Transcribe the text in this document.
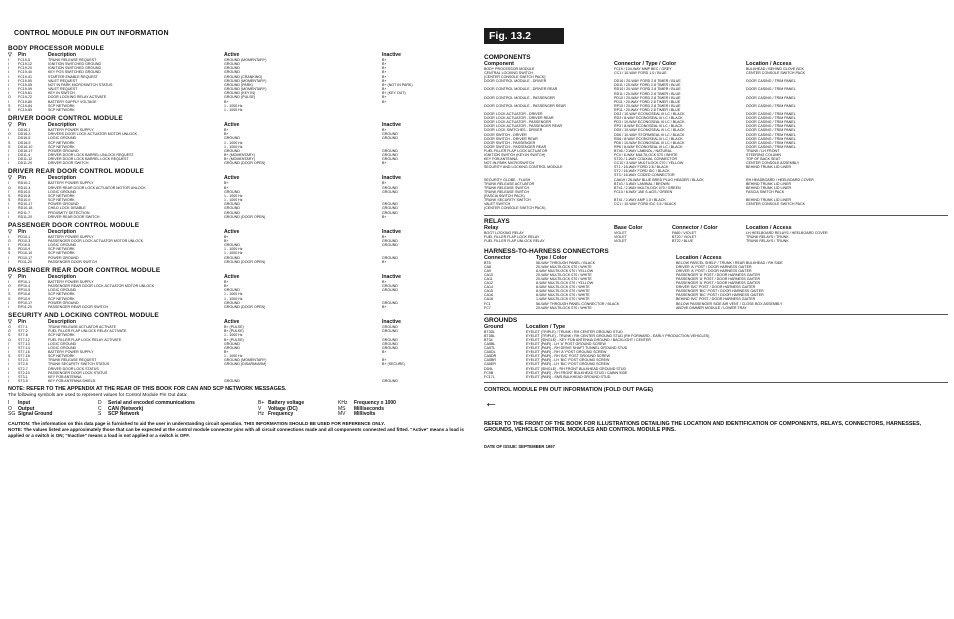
CONTROL MODULE PIN OUT INFORMATION	Fig. 13.2
BODY PROCESSOR MODULE
▽	Pin	Description	Active	Inactive
I	FC19-5	TRUNK RELEASE REQUEST	GROUND (MOMENTARY)	B+
I	FC19-12	IGNITION SWITCHED GROUND	GROUND	B+
I	FC19-20	IGNITION SWITCHED GROUND	GROUND	B+
I	FC19-40	KEY POS SWITCHED GROUND	GROUND	B+
I	FC19-41	STARTER ENABLE REQUEST	GROUND (CRANKING)	B+
I	FC19-50	VALET REQUEST	GROUND (MOMENTARY)	B+
I	FC19-55	NOT IN PARK MICROSWITCH STATUS	GROUND (PARK)	B+ (NOT IN PARK)
I	FC19-59	VALET REQUEST	GROUND (MOMENTARY)	B+
I	FC19-61	KEY IN SWITCH	GROUND (KEY IN)	B+ (KEY OUT)
O	FC19-72	DOOR LOCKING RELAY ACTIVATE	GROUND (PULSE)	B+
I	FC19-80	BATTERY SUPPLY VOLTAGE	B+	B+
S	FC19-84	SCP NETWORK	1 - 1000 Hz	
S	FC19-85	SCP NETWORK	1 - 1000 Hz	
DRIVER DOOR CONTROL MODULE
▽	Pin	Description	Active	Inactive
I	DD16-1	BATTERY POWER SUPPLY	B+	B+
O	DD16-3	DRIVERS DOOR LOCK ACTUATOR MOTOR UNLOCK	B+	GROUND
I	DD16-5	LOGIC GROUND	GROUND	GROUND
S	DD16-9	SCP NETWORK	1 - 1000 Hz	
S	DD16-10	SCP NETWORK	1 - 1000 Hz	
I	DD16-17	POWER GROUND	GROUND	GROUND

I	DD11-4	DRIVER DOOR LOCK BARREL UNLOCK REQUEST	B+ (MOMENTARY)	GROUND
I	DD11-12	DRIVER DOOR LOCK BARREL LOCK REQUEST	B+ (MOMENTARY)	GROUND
I	DD11-20	DRIVER DOOR SWITCH	GROUND (DOOR OPEN)	B+
DRIVER REAR DOOR CONTROL MODULE
▽	Pin	Description	Active	Inactive
I	RD10-1	BATTERY POWER SUPPLY	B+	B+
O	RD10-4	DRIVER REAR DOOR LOCK ACTUATOR MOTOR UNLOCK	B+	GROUND
I	RD10-5	LOGIC GROUND	GROUND	GROUND
S	RD10-8	SCP NETWORK	1 - 1000 Hz	
S	RD10-9	SCP NETWORK	1 - 1000 Hz	
I	RD10-17	POWER GROUND	GROUND	GROUND
I	RD10-18	CHILD LOCK DISABLE	GROUND	GROUND

I	RD11-7	PROXIMITY DETECTION	GROUND	GROUND
I	RD11-20	DRIVER REAR DOOR SWITCH	GROUND (DOOR OPEN)	B+
PASSENGER DOOR CONTROL MODULE
▽	Pin	Description	Active	Inactive
I	PD10-1	BATTERY POWER SUPPLY	B+	B+
O	PD10-3	PASSENGER DOOR LOCK ACTUATOR MOTOR UNLOCK	B+	GROUND
I	PD10-5	LOGIC GROUND	GROUND	GROUND
S	PD10-9	SCP NETWORK	1 - 1000 Hz	
S	PD10-10	SCP NETWORK	1 - 1000 Hz	
I	PD10-17	POWER GROUND	GROUND	GROUND

I	PD11-20	PASSENGER DOOR SWITCH	GROUND (DOOR OPEN)	B+
PASSENGER REAR DOOR CONTROL MODULE
▽	Pin	Description	Active	Inactive
I	RP10-1	BATTERY POWER SUPPLY	B+	B+
O	RP10-4	PASSENGER REAR DOOR LOCK ACTUATOR MOTOR UNLOCK	B+	GROUND
I	RP10-5	LOGIC GROUND	GROUND	GROUND
S	RP10-8	SCP NETWORK	1 - 1000 Hz	
S	RP10-9	SCP NETWORK	1 - 1000 Hz	
I	RP10-17	POWER GROUND	GROUND	GROUND

I	RP11-20	PASSENGER REAR DOOR SWITCH	GROUND (DOOR OPEN)	B+
SECURITY AND LOCKING CONTROL MODULE
▽	Pin	Description	Active	Inactive
O	ST7-1	TRUNK RELEASE ACTUATOR ACTIVATE	B+ (PULSE)	GROUND
O	ST7-2	FUEL FILLER FLAP UNLOCK RELAY ACTIVATE	B+ (PULSE)	GROUND
S	ST7-8	SCP NETWORK	1 - 1000 Hz	
O	ST7-12	FUEL FILLER FLAP LOCK RELAY ACTIVATE	B+ (PULSE)	GROUND
I	ST7-13	LOGIC GROUND	GROUND	GROUND
I	ST7-14	LOGIC GROUND	GROUND	GROUND
I	ST7-16	BATTERY POWER SUPPLY	B+	B+
S	ST7-18	SCP NETWORK	1 - 1000 Hz	

I	ST2-3	TRUNK RELEASE REQUEST	GROUND (MOMENTARY)	B+
I	ST2-5	TRUNK SECURITY SWITCH STATUS	GROUND (DISARM/ARM)	B+ (SECURE)
I	ST2-7	DRIVER DOOR LOCK STATUS		
I	ST2-10	PASSENGER DOOR LOCK STATUS		

I	ST3-1	KEY FOB ANTENNA		
I	ST3-5	KEY FOB ANTENNA SHIELD	GROUND	GROUND
NOTE: REFER TO THE APPENDIX AT THE REAR OF THIS BOOK FOR CAN AND SCP NETWORK MESSAGES.
The following symbols are used to represent values for Control Module Pin Out data:
I	Input	D	Serial and encoded communications	B+ Battery voltage	KHz	Frequency x 1000
O	Output	C	CAN (Network)	V	Voltage (DC)	MS	Milliseconds
SG Signal Ground	S	SCP Network	Hz Frequency	MV	Millivolts
CAUTION: The information on this data page is furnished to aid the user in understanding circuit operation. THIS INFORMATION SHOULD BE USED FOR REFERENCE ONLY.
NOTE: The values listed are approximately those that can be expected at the control module connector pins with all circuit connections made and all components connected and fitted. "Active" means a load is applied or a switch is ON; "Inactive" means a load is not applied or a switch is OFF.
COMPONENTS
Component	Connector / Type / Color	Location / Access
BODY PROCESSOR MODULE	FC19 / 104-WAY MMP BEC / GREY	BULKHEAD / BEHIND GLOVE BOX
CENTRAL LOCKING SWITCH	CC1 / 10-WAY FORD 1.0 / BLUE	CENTER CONSOLE SWITCH PACK
(CENTER CONSOLE SWITCH PACK)		
DOOR CONTROL MODULE - DRIVER	DD16 / 20-WAY FORD 2.8 TIMER / BLUE	DOOR CASING / TRIM PANEL
	DD11 / 20-WAY FORD 2.8 TIMER / BLUE	
DOOR CONTROL MODULE - DRIVER REAR	RD10 / 20-WAY FORD 2.8 TIMER / BLUE	DOOR CASING / TRIM PANEL
	RD11 / 20-WAY FORD 2.8 TIMER / BLUE	
DOOR CONTROL MODULE - PASSENGER	PD10 / 20-WAY FORD 2.8 TIMER / BLUE	DOOR CASING / TRIM PANEL
	PD11 / 20-WAY FORD 2.8 TIMER / BLUE	
DOOR CONTROL MODULE - PASSENGER REAR	RP10 / 20-WAY FORD 2.8 TIMER / BLUE	DOOR CASING / TRIM PANEL
	RP11 / 20-WAY FORD 2.8 TIMER / BLUE	
DOOR LOCK ACTUATOR - DRIVER	DD3 / 10-WAY ECONOSEAL III LC / BLACK	DOOR CASING / TRIM PANEL
DOOR LOCK ACTUATOR - DRIVER REAR	RD3 / 8-WAY ECONOSEAL III LC / BLACK	DOOR CASING / TRIM PANEL
DOOR LOCK ACTUATOR - PASSENGER	PD3 / 10-WAY ECONOSEAL III LC / BLACK	DOOR CASING / TRIM PANEL
DOOR LOCK ACTUATOR - PASSENGER REAR	RP3 / 8-WAY ECONOSEAL III LC / BLACK	DOOR CASING / TRIM PANEL
DOOR LOCK SWITCHES - DRIVER	DD5 / 10-WAY ECONOSEAL III LC / BLACK	DOOR CASING / TRIM PANEL
DOOR SWITCH - DRIVER	DD6 / 10-WAY STORMSEAL III LC / BLACK	DOOR CASING / TRIM PANEL
DOOR SWITCH - DRIVER REAR	RD6 / 8-WAY ECONOSEAL III LC / BLACK	DOOR CASING / TRIM PANEL
DOOR SWITCH - PASSENGER	PD6 / 10-WAY ECONOSEAL III LC / BLACK	DOOR CASING / TRIM PANEL
DOOR SWITCH - PASSENGER REAR	RP6 / 8-WAY ECONOSEAL III LC / BLACK	DOOR CASING / TRIM PANEL
FUEL FILLER FLAP LOCK ACTUATOR	BT46 / 2-WAY LABINOL / NATURAL	TRUNK / LH FRONT
IGNITION SWITCH (KEY-IN SWITCH)	FC4 / 6-WAY MULTILOCK 070 / WHITE	STEERING COLUMN
KEY FOB ANTENNA	ST20 / 1-WAY COAXIAL CONNECTOR	TOP OF BACK SEAT
NOT-IN-PARK MICROSWITCH	CC10 / 3-WAY MULTILOCK 070 / YELLOW	CENTER CONSOLE ASSEMBLY
SECURITY AND LOCKING CONTROL MODULE	ST1 / 16-WAY FORD 2.8 / BLACK	BEHIND TRUNK LID LINER
	ST2 / 16-WAY FORD IDC / BLACK	
	ST3 / 16-WAY CODED CONNECTOR	
SECURITY GLOBE - FLASH	CA619 / 26-WAY BLUE BRED PLUG HEADER / BLACK	RH HEADBOARD / HEELBOARD COVER
TRUNK RELEASE ACTUATOR	BT43 / 3-WAY LAMINAL / BROWN	BEHIND TRUNK LID LINER
TRUNK RELEASE SWITCH	BT41 / 2-WAY MULTILOCK 070 / GREEN	BEHIND TRUNK LID LINER
TRUNK RELEASE SWITCH	FC10 / 6-WAY JAE S-AGS / GREEN	FASCIA SWITCH PACK
(FASCIA SWITCH PACK)		
TRUNK SECURITY SWITCH	BT41 / 2-WAY AMP 1.5 / BLACK	BEHIND TRUNK LID LINER
VALET SWITCH	CC1 / 10-WAY FORD IDC 3.5 / BLACK	CENTER CONSOLE SWITCH PACK
(CENTER CONSOLE SWITCH PACK)		
RELAYS
Relay	Base Color	Connector / Color	Location / Access
BOOT LOCKING RELAY	VIOLET	FA60 / VIOLET	LH HEELBOARD RELAYS / HEELBOARD COVER
FUEL FILLER FLAP LOCK RELAY	VIOLET	BT20 / VIOLET	TRUNK RELAYS / TRUNK
FUEL FILLER FLAP UNLOCK RELAY	VIOLET	BT22 / BLUE	TRUNK RELAYS / TRUNK
HARNESS-TO-HARNESS CONNECTORS
Connector	Type / Color	Location / Access
BT8	56-WAY THROUGH PANEL / BLACK	BELOW PARCEL SHELF / TRUNK / REAR BULKHEAD / RH SIDE
CA8	20-WAY MULTILOCK 070 / WHITE	DRIVER 'A' POST / DOOR HARNESS GAITER
CA9	8-WAY MULTILOCK 070 / YELLOW	DRIVER 'A' POST / DOOR HARNESS GAITER
CA10	20-WAY MULTILOCK 070 / WHITE	PASSENGER 'A' POST / DOOR HARNESS GAITER
CA11	20-WAY MULTILOCK 070 / WHITE	PASSENGER 'A' POST / DOOR HARNESS GAITER
CA12	8-WAY MULTILOCK 070 / YELLOW	PASSENGER 'A' POST / DOOR HARNESS GAITER
CA14	8-WAY MULTILOCK 070 / WHITE	DRIVER 'B/C' POST / DOOR HARNESS GAITER
CA15	8-WAY MULTILOCK 070 / WHITE	PASSENGER 'B/C' POST / DOOR HARNESS GAITER
CA16	8-WAY MULTILOCK 070 / WHITE	PASSENGER 'B/C' POST / DOOR HARNESS GAITER
CA18	1-WAY MULTILOCK 070 / WHITE	BEHIND 'B/C' POST / DOOR HARNESS GAITER
FC1	56-WAY THROUGH PANEL CONNECTOR / BLACK	BELOW PASSENGER SIDE AIR VENT / CLOSE BOX ASSEMBLY
FC7	20-WAY MULTILOCK 070 / WHITE	ABOVE DIMMER MODULE / LOWER TRAY
GROUNDS
Ground	Location / Type
BT3DL	EYELET (TRIPLE) / TRUNK / RH CENTER GROUND STUD
BT3BL	EYELET (TRIPLE) - TRUNK / RH CENTER GROUND STUD (RH FORWARD - EARLY PRODUCTION VEHICLES)
BT34	EYELET (SINGLE) - KEY FOB ANTENNA GROUND / BACKLIGHT / CENTER
CA5BL	EYELET (PAIR) - LH 'A' POST GROUND SCREW
CA5TL	EYELET (PAIR) - RH DRIVE SHAFT TUNNEL GROUND STUD
CA5DL	EYELET (PAIR) - RH 'A' POST GROUND SCREW
CA5DR	EYELET (PAIR) - RH 'B/C' POST GROUND SCREW
CA5BR	EYELET (PAIR) - LH 'B/C' POST GROUND SCREW
CA5ER	EYELET (PAIR) - LH 'B/C' POST GROUND SCREW
DD9L	EYELET (SINGLE) - RH FRONT BULKHEAD GROUND STUD
FC9B	EYELET (PAIR) - RH FRONT BULKHEAD STUD / CABIN SIDE
FC17L	EYELET (PAIR) - SMS BULKHEAD GROUND STUD
CONTROL MODULE PIN OUT INFORMATION (FOLD OUT PAGE)
←
REFER TO THE FRONT OF THE BOOK FOR ILLUSTRATIONS DETAILING THE LOCATION AND IDENTIFICATION OF COMPONENTS, RELAYS, CONNECTORS, HARNESSES, GROUNDS, VEHICLE CONTROL MODULES AND CONTROL MODULE PINS.
DATE OF ISSUE: SEPTEMBER 1997
